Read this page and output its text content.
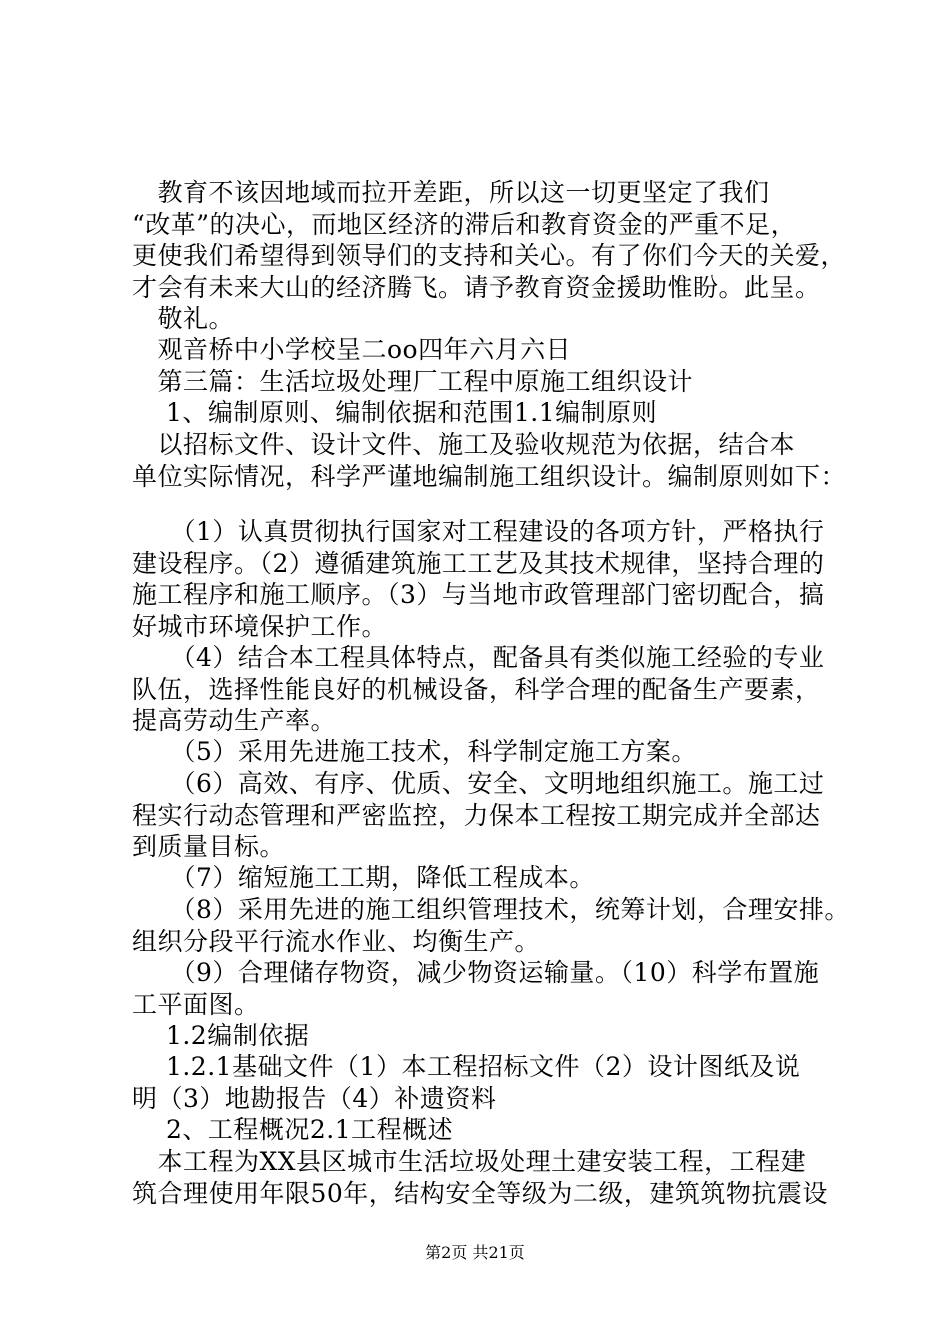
　教育不该因地域而拉开差距，所以这一切更坚定了我们
“改革”的决心，而地区经济的滞后和教育资金的严重不足，
更使我们希望得到领导们的支持和关心。有了你们今天的关爱，
才会有未来大山的经济腾飞。请予教育资金援助惟盼。此呈。

　敬礼。

　观音桥中小学校呈二oo四年六月六日

　第三篇：生活垃圾处理厂工程中原施工组织设计

　 1、编制原则、编制依据和范围1.1编制原则

　以招标文件、设计文件、施工及验收规范为依据，结合本
单位实际情况，科学严谨地编制施工组织设计。编制原则如下：

　　（1）认真贯彻执行国家对工程建设的各项方针，严格执行
建设程序。（2）遵循建筑施工工艺及其技术规律，坚持合理的
施工程序和施工顺序。（3）与当地市政管理部门密切配合，搞
好城市环境保护工作。

　　（4）结合本工程具体特点，配备具有类似施工经验的专业
队伍，选择性能良好的机械设备，科学合理的配备生产要素，
提高劳动生产率。

　　（5）采用先进施工技术，科学制定施工方案。

　　（6）高效、有序、优质、安全、文明地组织施工。施工过
程实行动态管理和严密监控，力保本工程按工期完成并全部达
到质量目标。

　　（7）缩短施工工期，降低工程成本。

　　（8）采用先进的施工组织管理技术，统筹计划，合理安排。
组织分段平行流水作业、均衡生产。

　　（9）合理储存物资，减少物资运输量。（10）科学布置施
工平面图。

　 1.2编制依据

　 1.2.1基础文件（1）本工程招标文件（2）设计图纸及说
明（3）地勘报告（4）补遗资料

　 2、工程概况2.1工程概述

　本工程为XX县区城市生活垃圾处理土建安装工程，工程建
筑合理使用年限50年，结构安全等级为二级，建筑筑物抗震设

第2页 共21页
